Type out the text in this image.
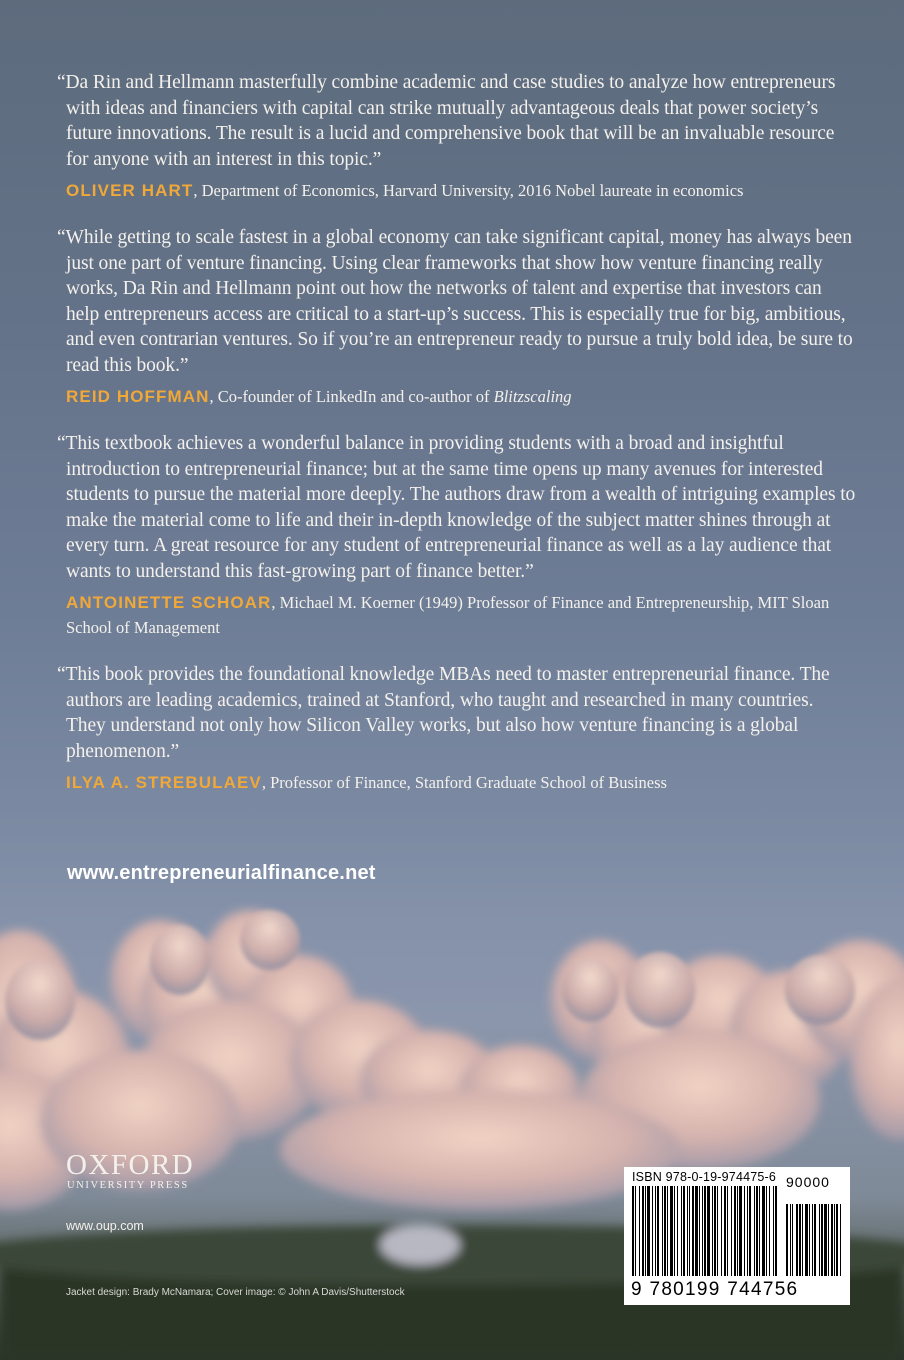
“Da Rin and Hellmann masterfully combine academic and case studies to analyze how entrepreneurs with ideas and financiers with capital can strike mutually advantageous deals that power society’s future innovations. The result is a lucid and comprehensive book that will be an invaluable resource for anyone with an interest in this topic.”

OLIVER HART, Department of Economics, Harvard University, 2016 Nobel laureate in economics

“While getting to scale fastest in a global economy can take significant capital, money has always been just one part of venture financing. Using clear frameworks that show how venture financing really works, Da Rin and Hellmann point out how the networks of talent and expertise that investors can help entrepreneurs access are critical to a start-up’s success. This is especially true for big, ambitious, and even contrarian ventures. So if you’re an entrepreneur ready to pursue a truly bold idea, be sure to read this book.”

REID HOFFMAN, Co-founder of LinkedIn and co-author of Blitzscaling

“This textbook achieves a wonderful balance in providing students with a broad and insightful introduction to entrepreneurial finance; but at the same time opens up many avenues for interested students to pursue the material more deeply. The authors draw from a wealth of intriguing examples to make the material come to life and their in-depth knowledge of the subject matter shines through at every turn. A great resource for any student of entrepreneurial finance as well as a lay audience that wants to understand this fast-growing part of finance better.”

ANTOINETTE SCHOAR, Michael M. Koerner (1949) Professor of Finance and Entrepreneurship, MIT Sloan School of Management

“This book provides the foundational knowledge MBAs need to master entrepreneurial finance. The authors are leading academics, trained at Stanford, who taught and researched in many countries. They understand not only how Silicon Valley works, but also how venture financing is a global phenomenon.”

ILYA A. STREBULAEV, Professor of Finance, Stanford Graduate School of Business

www.entrepreneurialfinance.net
OXFORD
UNIVERSITY PRESS
www.oup.com
Jacket design: Brady McNamara; Cover image: © John A Davis/Shutterstock
ISBN 978-0-19-974475-6 90000
9 780199 744756
